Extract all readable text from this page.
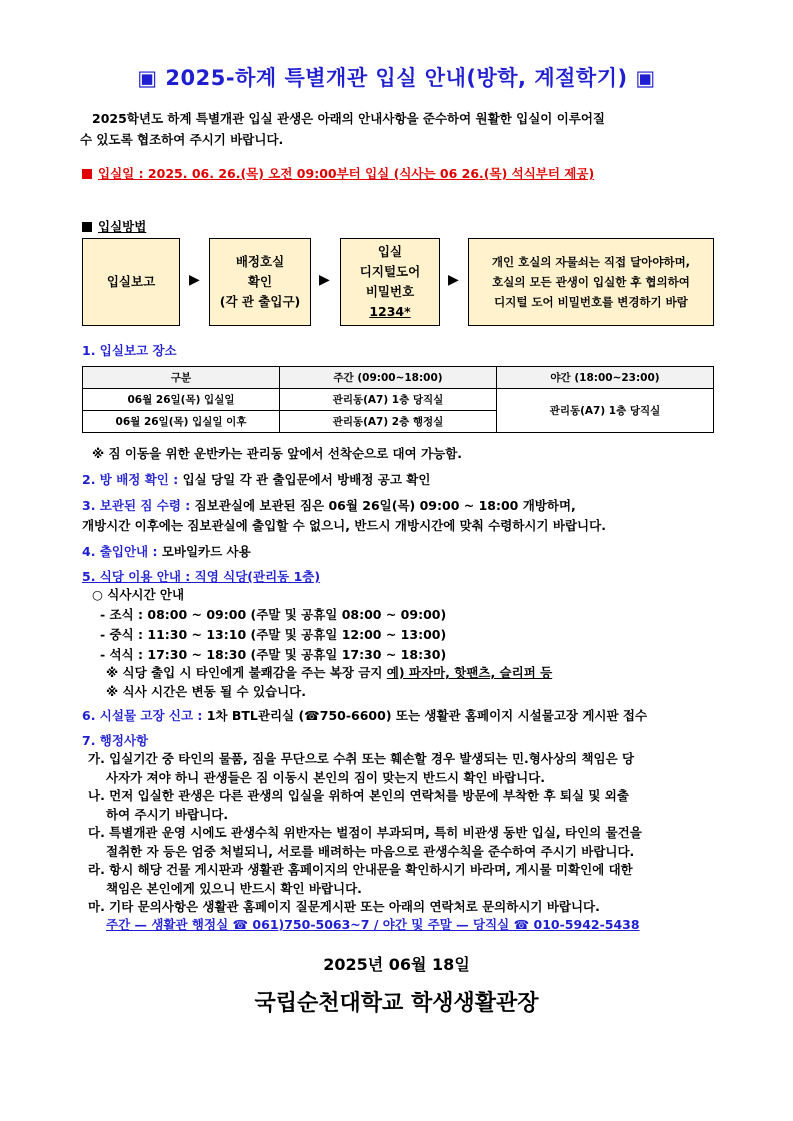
▣ 2025-하계 특별개관 입실 안내(방학, 계절학기) ▣
2025학년도 하계 특별개관 입실 관생은 아래의 안내사항을 준수하여 원활한 입실이 이루어질
수 있도록 협조하여 주시기 바랍니다.
입실일 : 2025. 06. 26.(목) 오전 09:00부터 입실 (식사는 06 26.(목) 석식부터 제공)
입실방법
입실보고 ▶
배정호실
확인
(각 관 출입구)
▶
입실
디지털도어
비밀번호
1234*
▶
개인 호실의 자물쇠는 직접 달아야하며,
호실의 모든 관생이 입실한 후 협의하여
디지털 도어 비밀번호를 변경하기 바람
1. 입실보고 장소
구분	주간 (09:00~18:00)	야간 (18:00~23:00)
06월 26일(목) 입실일	관리동(A7) 1층 당직실	관리동(A7) 1층 당직실
06월 26일(목) 입실일 이후	관리동(A7) 2층 행정실	
※ 짐 이동을 위한 운반카는 관리동 앞에서 선착순으로 대여 가능함.
2. 방 배정 확인 : 입실 당일 각 관 출입문에서 방배정 공고 확인
3. 보관된 짐 수령 : 짐보관실에 보관된 짐은 06월 26일(목) 09:00 ~ 18:00 개방하며,
개방시간 이후에는 짐보관실에 출입할 수 없으니, 반드시 개방시간에 맞춰 수령하시기 바랍니다.
4. 출입안내 : 모바일카드 사용
5. 식당 이용 안내 : 직영 식당(관리동 1층)
○ 식사시간 안내
- 조식 : 08:00 ~ 09:00 (주말 및 공휴일 08:00 ~ 09:00)
- 중식 : 11:30 ~ 13:10 (주말 및 공휴일 12:00 ~ 13:00)
- 석식 : 17:30 ~ 18:30 (주말 및 공휴일 17:30 ~ 18:30)
※ 식당 출입 시 타인에게 불쾌감을 주는 복장 금지 예) 파자마, 핫팬츠, 슬리퍼 등
※ 식사 시간은 변동 될 수 있습니다.
6. 시설물 고장 신고 : 1차 BTL관리실 (☎750-6600) 또는 생활관 홈페이지 시설물고장 게시판 접수
7. 행정사항
가. 입실기간 중 타인의 물품, 짐을 무단으로 수취 또는 훼손할 경우 발생되는 민.형사상의 책임은 당
사자가 져야 하니 관생들은 짐 이동시 본인의 짐이 맞는지 반드시 확인 바랍니다.
나. 먼저 입실한 관생은 다른 관생의 입실을 위하여 본인의 연락처를 방문에 부착한 후 퇴실 및 외출
하여 주시기 바랍니다.
다. 특별개관 운영 시에도 관생수칙 위반자는 벌점이 부과되며, 특히 비관생 동반 입실, 타인의 물건을
절취한 자 등은 엄중 처벌되니, 서로를 배려하는 마음으로 관생수칙을 준수하여 주시기 바랍니다.
라. 항시 해당 건물 게시판과 생활관 홈페이지의 안내문을 확인하시기 바라며, 게시물 미확인에 대한
책임은 본인에게 있으니 반드시 확인 바랍니다.
마. 기타 문의사항은 생활관 홈페이지 질문게시판 또는 아래의 연락처로 문의하시기 바랍니다.
주간 — 생활관 행정실 ☎ 061)750-5063~7 / 야간 및 주말 — 당직실 ☎ 010-5942-5438
2025년 06월 18일
국립순천대학교 학생생활관장
